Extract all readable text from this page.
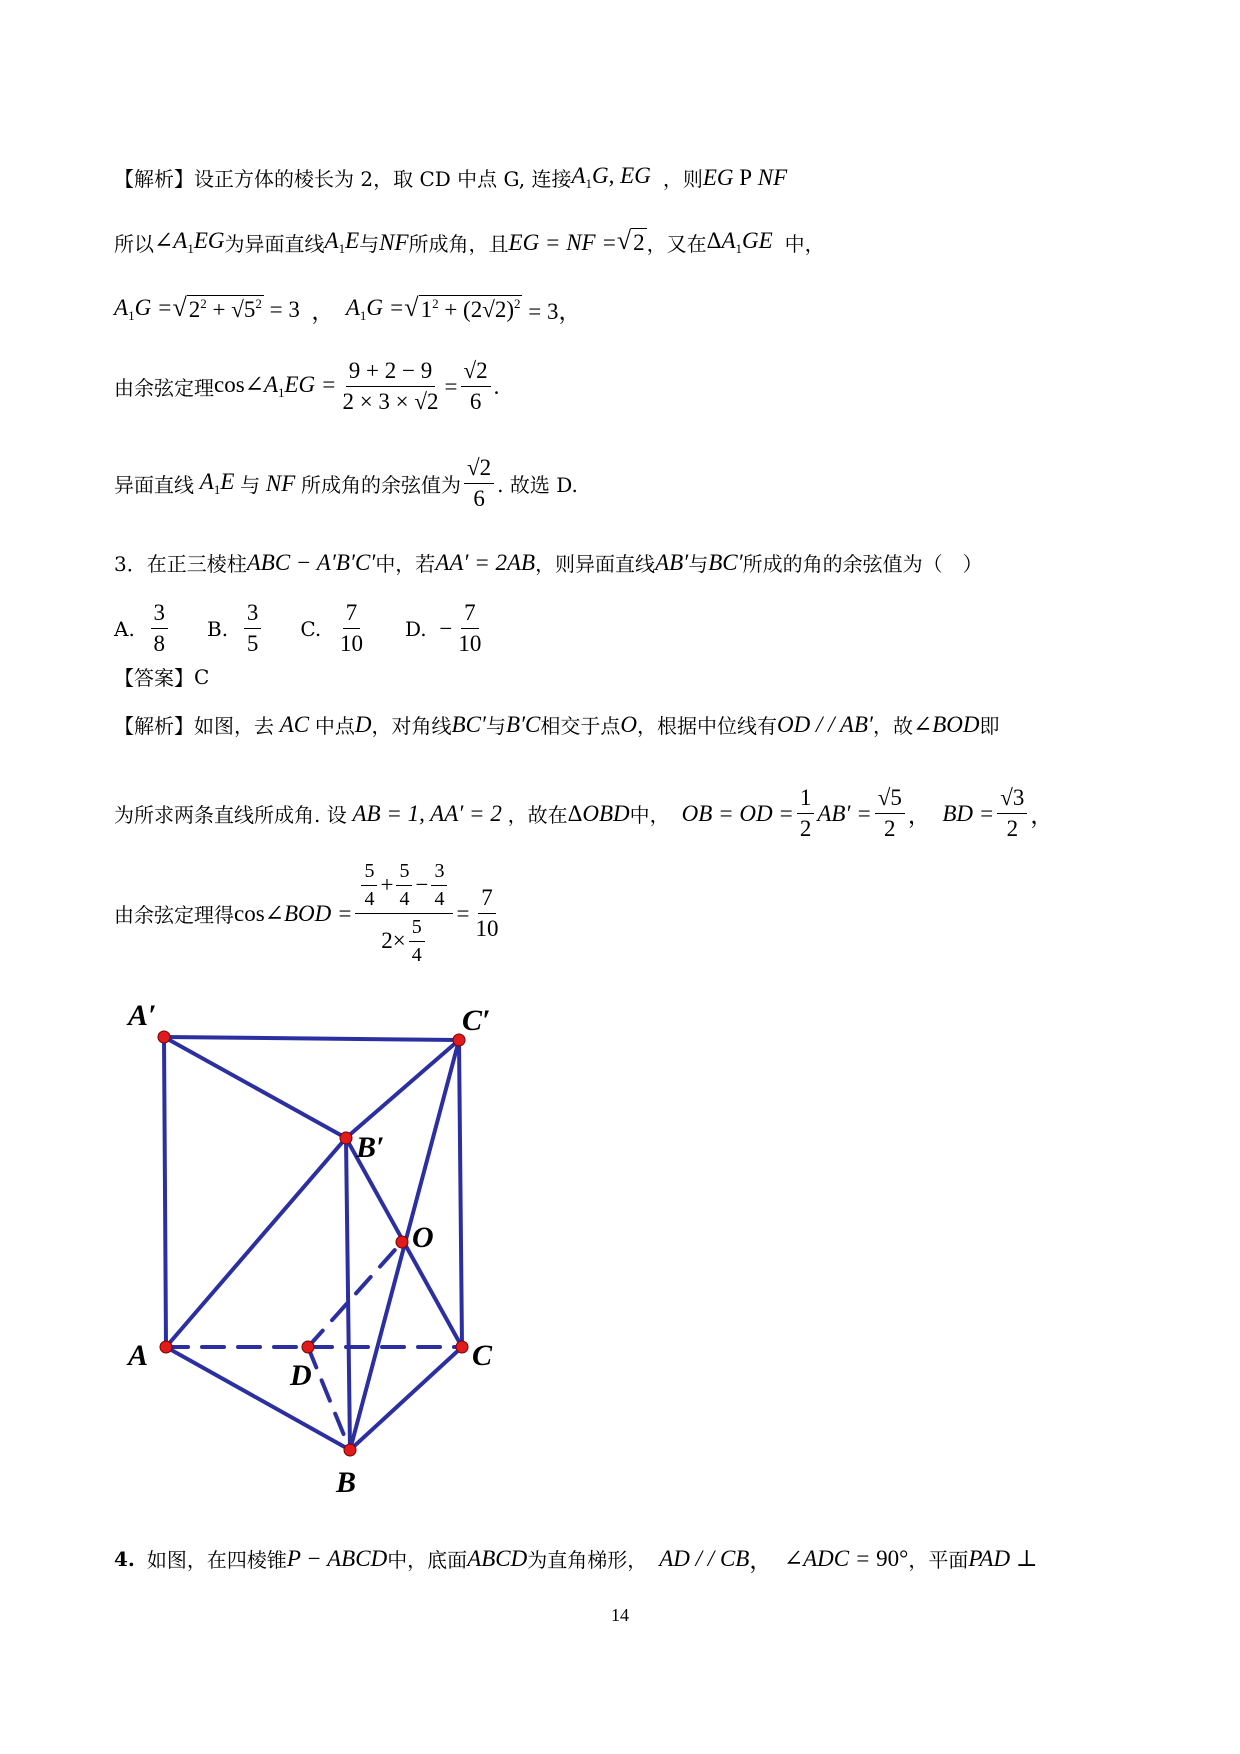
【解析】 设正方体的棱长为 2，取 CD 中点 G, 连接 $A_1G$, EG ，则 EG P NF
所以 $\angle A_1EG$ 为异面直线 $A_1E$ 与 NF 所成角，且 EG = NF = √ 2 ，又在 $\Delta A_1GE$ 中，
$A_1G$ = √ $2^2 + √5^2 = 3$ ， $A_1G$ = √ $1^2 + (2√2)^2 = 3$，
由余弦定理 $\cos\angle A_1EG = \frac{9 + 2 - 9}{2 \times 3 \times √2} = \frac{√2}{6}$ .
异面直线 $A_1E$ 与 NF 所成角的余弦值为 $\frac{√2}{6}$ . 故选 D.
3．在正三棱柱 ABC − A′B′C′ 中，若 AA′ = 2AB ，则异面直线 AB′ 与 BC′ 所成的角的余弦值为（　）
A.
$\frac{3}{8} B$.
$\frac{3}{5} C$.
$\frac{7}{10} D$.
− $\frac{7}{10}$
【答案】 C
【解析】 如图，去 AC 中点 D ，对角线 BC′ 与 B′C 相交于点 O ，根据中位线有 OD / / AB′ ，故 ∠BOD 即
为所求两条直线所成角. 设 AB = 1, AA′ = 2 ，故在 ΔOBD 中， OB = OD = $\frac{1}{2} AB' = \frac{√5}{2}$ ， BD = $\frac{√3}{2}$ ，
由余弦定理得 cos∠BOD = $\frac{\frac{5}{4} + \frac{5}{4} - \frac{3}{4}}{2\times \frac{5}{4}} = \frac{7}{10}$
A′	C′
B′
O
A
D
C
B
4. 如图，在四棱锥 P − ABCD 中，底面 ABCD 为直角梯形， AD / / CB ， ∠ADC = 90° ，平面 PAD ⊥
14
